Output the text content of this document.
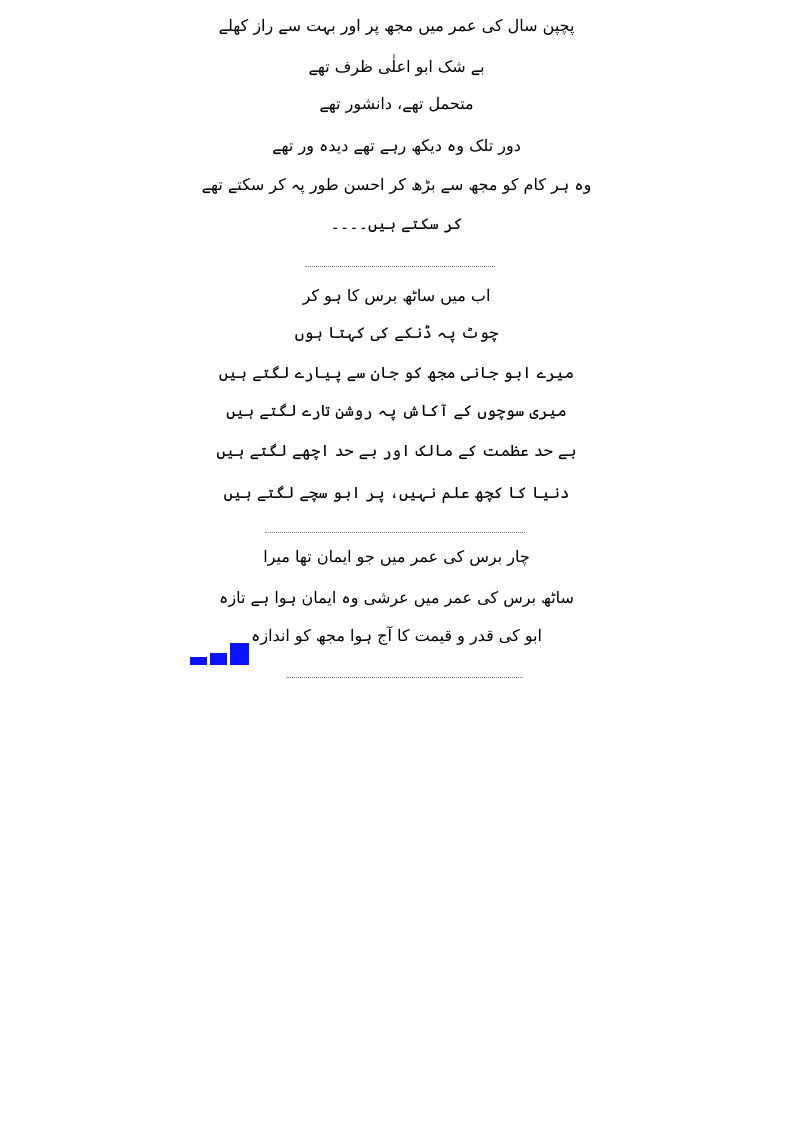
پچپن سال کی عمر میں مجھ پر اور بہت سے راز کھلے
بے شک ابو اعلٰی ظرف تھے
متحمل تھے، دانشور تھے
دور تلک وہ دیکھ رہے تھے دیدہ ور تھے
وہ ہر کام کو مجھ سے بڑھ کر احسن طور پہ کر سکتے تھے
کر سکتے ہیں۔۔۔۔
اب میں ساٹھ برس کا ہو کر
چوٹ پہ ڈنکے کی کہتا ہوں
میرے ابو جانی مجھ کو جان سے پیارے لگتے ہیں
میری سوچوں کے آکاش پہ روشن تارے لگتے ہیں
بے حد عظمت کے مالک اور بے حد اچھے لگتے ہیں
دنیا کا کچھ علم نہیں، پر ابو سچے لگتے ہیں
چار برس کی عمر میں جو ایمان تھا میرا
ساٹھ برس کی عمر میں عرشی وہ ایمان ہوا ہے تازہ
ابو کی قدر و قیمت کا آج ہوا مجھ کو اندازہ
